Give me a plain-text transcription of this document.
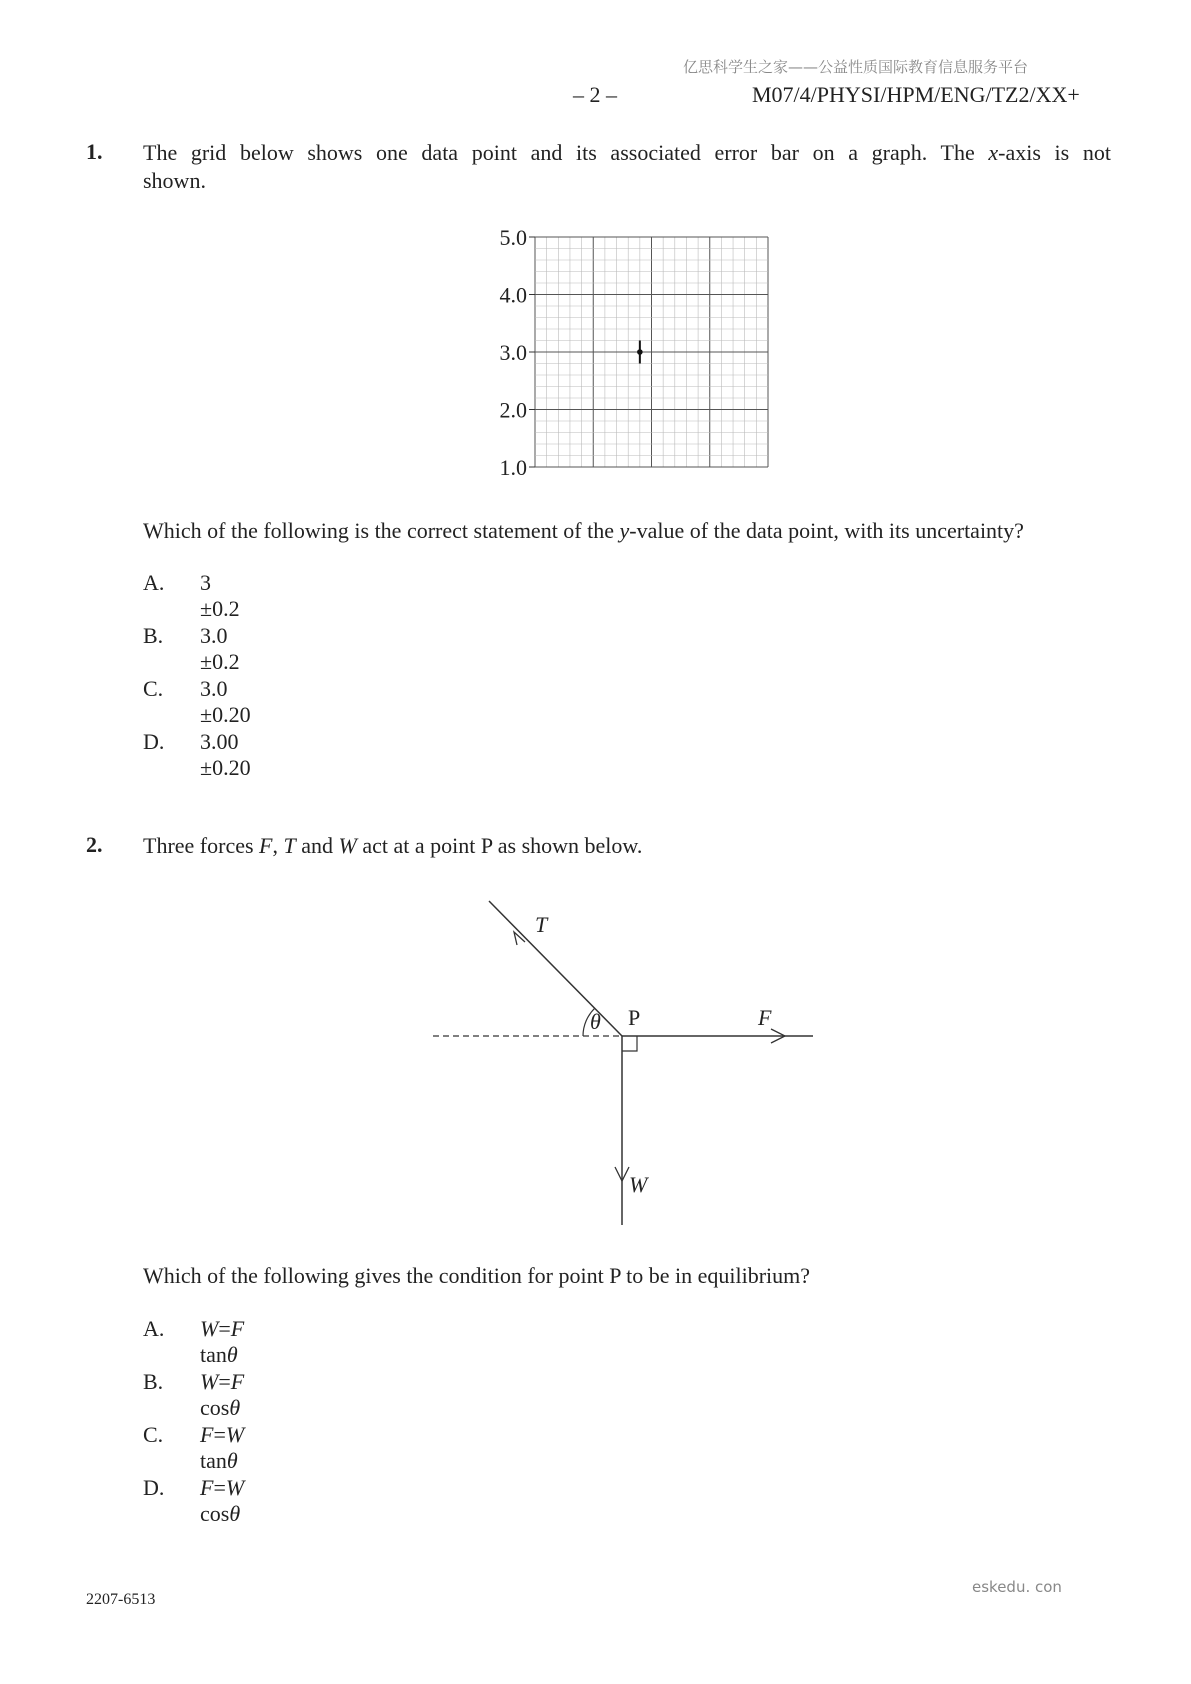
亿思科学生之家——公益性质国际教育信息服务平台
– 2 –	M07/4/PHYSI/HPM/ENG/TZ2/XX+
1. The grid below shows one data point and its associated error bar on a graph. The x-axis is not
shown.
5.0
4.0
3.0
2.0
1.0
Which of the following is the correct statement of the y-value of the data point, with its uncertainty?
A. 3 ±0.2
B. 3.0 ±0.2
C. 3.0 ±0.20
D. 3.00 ±0.20
2. Three forces F, T and W act at a point P as shown below.
T
P	F
W
θ
Which of the following gives the condition for point P to be in equilibrium?
A. W=F tanθ
B. W=F cosθ
C. F=W tanθ
D. F=W cosθ
2207-6513
eskedu. con
